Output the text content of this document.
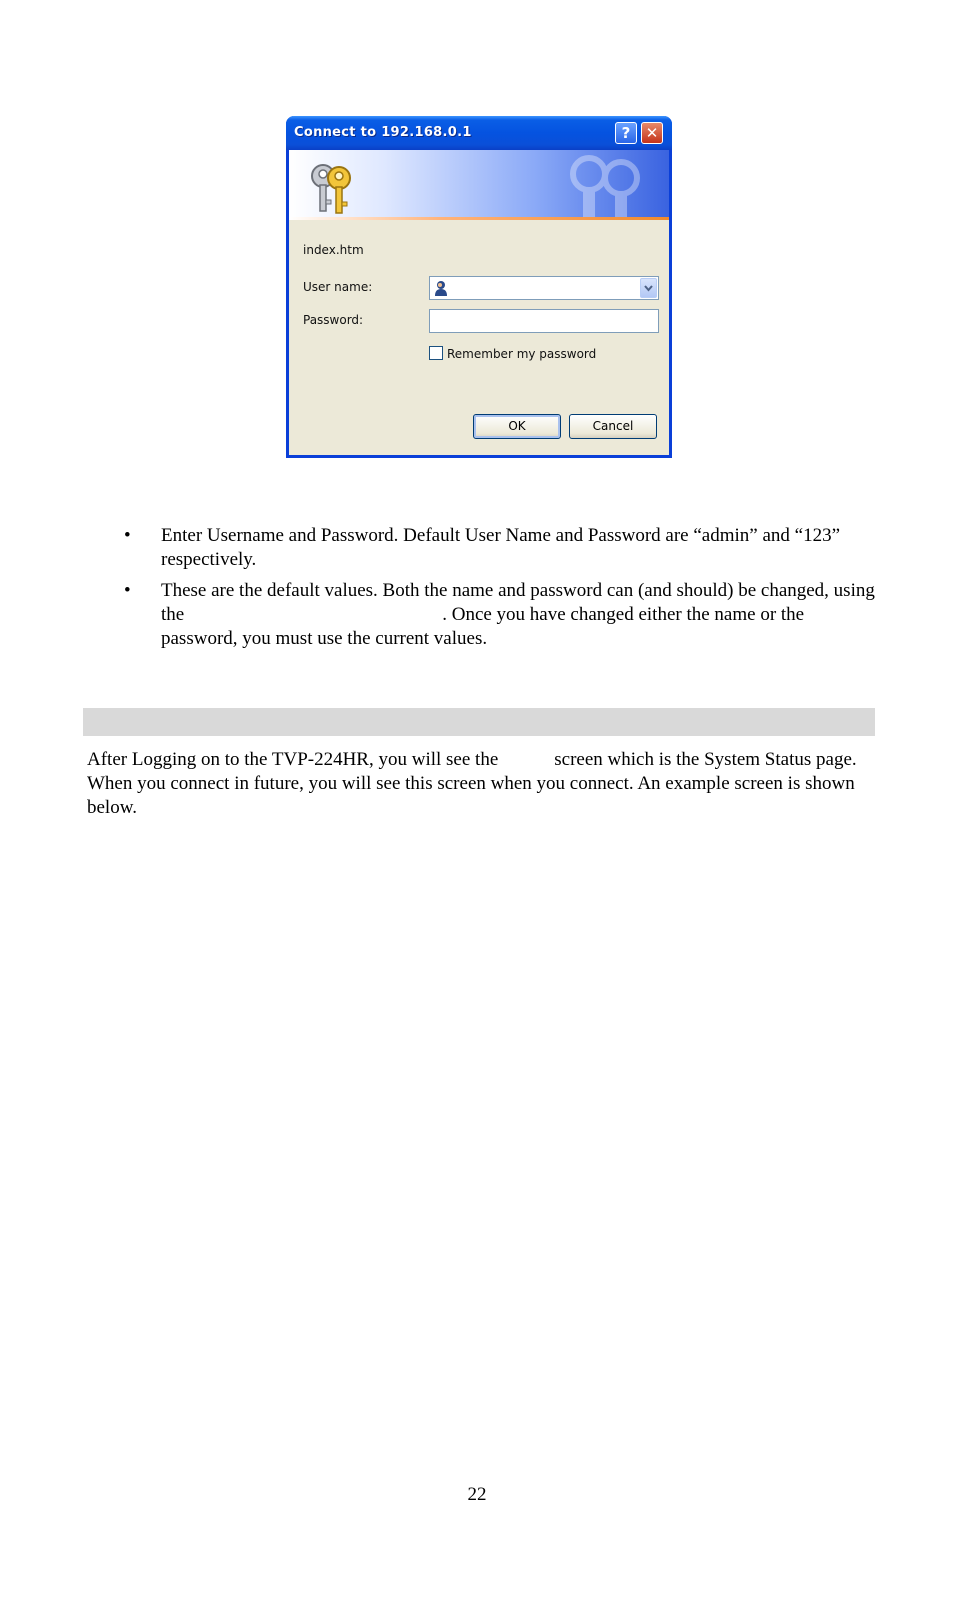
Connect to 192.168.0.1	?	✕
index.htm
User name:
Password:
Remember my password
OK	Cancel
• Enter Username and Password. Default User Name and Password are “admin” and “123” respectively.
• These are the default values. Both the name and password can (and should) be changed, using the	. Once you have changed either the name or the password, you must use the current values.
After Logging on to the TVP-224HR, you will see the	screen which is the System Status page. When you connect in future, you will see this screen when you connect. An example screen is shown below.
22
